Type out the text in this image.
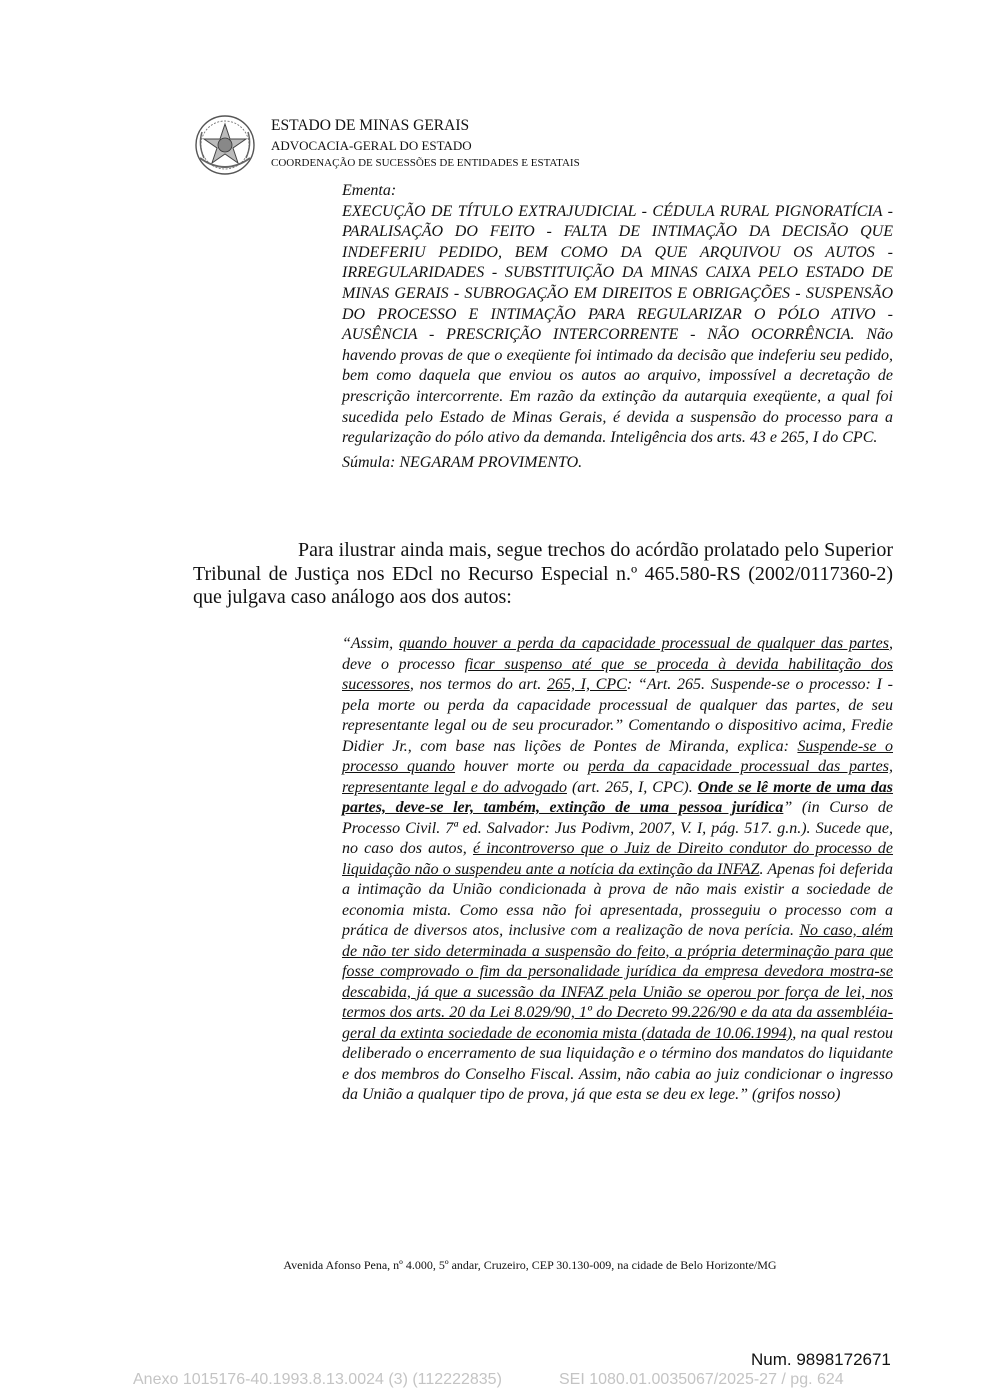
ESTADO DE MINAS GERAIS
ADVOCACIA-GERAL DO ESTADO
COORDENAÇÃO DE SUCESSÕES DE ENTIDADES E ESTATAIS

Ementa:

EXECUÇÃO DE TÍTULO EXTRAJUDICIAL - CÉDULA RURAL PIGNORATÍCIA - PARALISAÇÃO DO FEITO - FALTA DE INTIMAÇÃO DA DECISÃO QUE INDEFERIU PEDIDO, BEM COMO DA QUE ARQUIVOU OS AUTOS - IRREGULARIDADES - SUBSTITUIÇÃO DA MINAS CAIXA PELO ESTADO DE MINAS GERAIS - SUBROGAÇÃO EM DIREITOS E OBRIGAÇÕES - SUSPENSÃO DO PROCESSO E INTIMAÇÃO PARA REGULARIZAR O PÓLO ATIVO - AUSÊNCIA - PRESCRIÇÃO INTERCORRENTE - NÃO OCORRÊNCIA. Não havendo provas de que o exeqüente foi intimado da decisão que indeferiu seu pedido, bem como daquela que enviou os autos ao arquivo, impossível a decretação de prescrição intercorrente. Em razão da extinção da autarquia exeqüente, a qual foi sucedida pelo Estado de Minas Gerais, é devida a suspensão do processo para a regularização do pólo ativo da demanda. Inteligência dos arts. 43 e 265, I do CPC.

Súmula: NEGARAM PROVIMENTO.

Para ilustrar ainda mais, segue trechos do acórdão prolatado pelo Superior Tribunal de Justiça nos EDcl no Recurso Especial n.º 465.580-RS (2002/0117360-2) que julgava caso análogo aos dos autos:

“Assim, quando houver a perda da capacidade processual de qualquer das partes, deve o processo ficar suspenso até que se proceda à devida habilitação dos sucessores, nos termos do art. 265, I, CPC: “Art. 265. Suspende-se o processo: I - pela morte ou perda da capacidade processual de qualquer das partes, de seu representante legal ou de seu procurador.” Comentando o dispositivo acima, Fredie Didier Jr., com base nas lições de Pontes de Miranda, explica: Suspende-se o processo quando houver morte ou perda da capacidade processual das partes, representante legal e do advogado (art. 265, I, CPC). Onde se lê morte de uma das partes, deve-se ler, também, extinção de uma pessoa jurídica” (in Curso de Processo Civil. 7ª ed. Salvador: Jus Podivm, 2007, V. I, pág. 517. g.n.). Sucede que, no caso dos autos, é incontroverso que o Juiz de Direito condutor do processo de liquidação não o suspendeu ante a notícia da extinção da INFAZ. Apenas foi deferida a intimação da União condicionada à prova de não mais existir a sociedade de economia mista. Como essa não foi apresentada, prosseguiu o processo com a prática de diversos atos, inclusive com a realização de nova perícia. No caso, além de não ter sido determinada a suspensão do feito, a própria determinação para que fosse comprovado o fim da personalidade jurídica da empresa devedora mostra-se descabida, já que a sucessão da INFAZ pela União se operou por força de lei, nos termos dos arts. 20 da Lei 8.029/90, 1º do Decreto 99.226/90 e da ata da assembléia-geral da extinta sociedade de economia mista (datada de 10.06.1994), na qual restou deliberado o encerramento de sua liquidação e o término dos mandatos do liquidante e dos membros do Conselho Fiscal. Assim, não cabia ao juiz condicionar o ingresso da União a qualquer tipo de prova, já que esta se deu ex lege.” (grifos nosso)

Avenida Afonso Pena, nº 4.000, 5º andar, Cruzeiro, CEP 30.130-009, na cidade de Belo Horizonte/MG
Num. 9898172671
Anexo 1015176-40.1993.8.13.0024 (3) (112222835)	SEI 1080.01.0035067/2025-27 / pg. 624
